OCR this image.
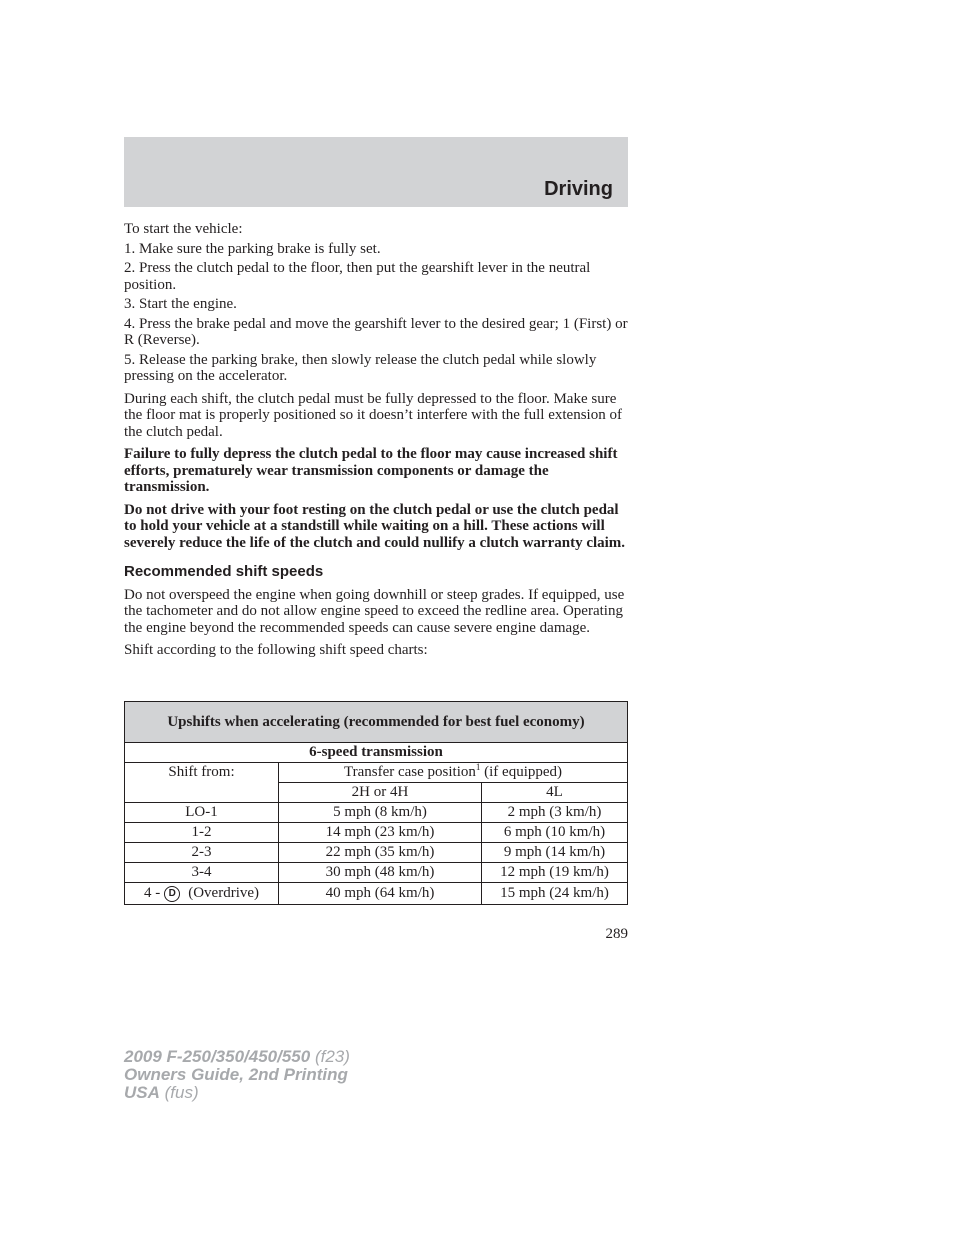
Driving

To start the vehicle:

1. Make sure the parking brake is fully set.

2. Press the clutch pedal to the floor, then put the gearshift lever in the neutral position.

3. Start the engine.

4. Press the brake pedal and move the gearshift lever to the desired gear; 1 (First) or R (Reverse).

5. Release the parking brake, then slowly release the clutch pedal while slowly pressing on the accelerator.

During each shift, the clutch pedal must be fully depressed to the floor. Make sure the floor mat is properly positioned so it doesn’t interfere with the full extension of the clutch pedal.

Failure to fully depress the clutch pedal to the floor may cause increased shift efforts, prematurely wear transmission components or damage the transmission.

Do not drive with your foot resting on the clutch pedal or use the clutch pedal to hold your vehicle at a standstill while waiting on a hill. These actions will severely reduce the life of the clutch and could nullify a clutch warranty claim.

Recommended shift speeds

Do not overspeed the engine when going downhill or steep grades. If equipped, use the tachometer and do not allow engine speed to exceed the redline area. Operating the engine beyond the recommended speeds can cause severe engine damage.

Shift according to the following shift speed charts:

Upshifts when accelerating (recommended for best fuel economy)		
6-speed transmission		
Shift from:	Transfer case position$^1$ (if equipped)	
	2H or 4H	4L
LO-1	5 mph (8 km/h)	2 mph (3 km/h)
1-2	14 mph (23 km/h)	6 mph (10 km/h)
2-3	22 mph (35 km/h)	9 mph (14 km/h)
3-4	30 mph (48 km/h)	12 mph (19 km/h)
4 - D (Overdrive)	40 mph (64 km/h)	15 mph (24 km/h)
289
2009 F-250/350/450/550 (f23)
Owners Guide, 2nd Printing
USA (fus)
